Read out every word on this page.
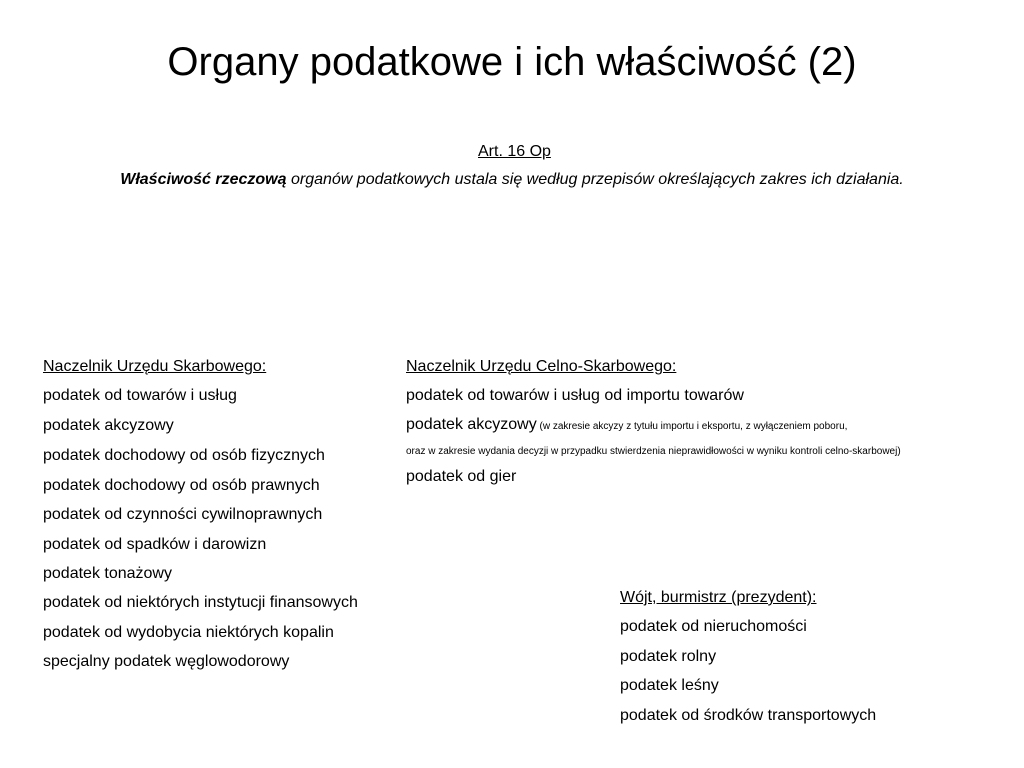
Organy podatkowe i ich właściwość (2)
Art. 16 Op
Właściwość rzeczową organów podatkowych ustala się według przepisów określających zakres ich działania.
Naczelnik Urzędu Skarbowego:
podatek od towarów i usług
podatek akcyzowy
podatek dochodowy od osób fizycznych
podatek dochodowy od osób prawnych
podatek od czynności cywilnoprawnych
podatek od spadków i darowizn
podatek tonażowy
podatek od niektórych instytucji finansowych
podatek od wydobycia niektórych kopalin
specjalny podatek węglowodorowy
Naczelnik Urzędu Celno-Skarbowego:
podatek od towarów i usług od importu towarów
podatek akcyzowy (w zakresie akcyzy z tytułu importu i eksportu, z wyłączeniem poboru,
oraz w zakresie wydania decyzji w przypadku stwierdzenia nieprawidłowości w wyniku kontroli celno-skarbowej)
podatek od gier
Wójt, burmistrz (prezydent):
podatek od nieruchomości
podatek rolny
podatek leśny
podatek od środków transportowych
